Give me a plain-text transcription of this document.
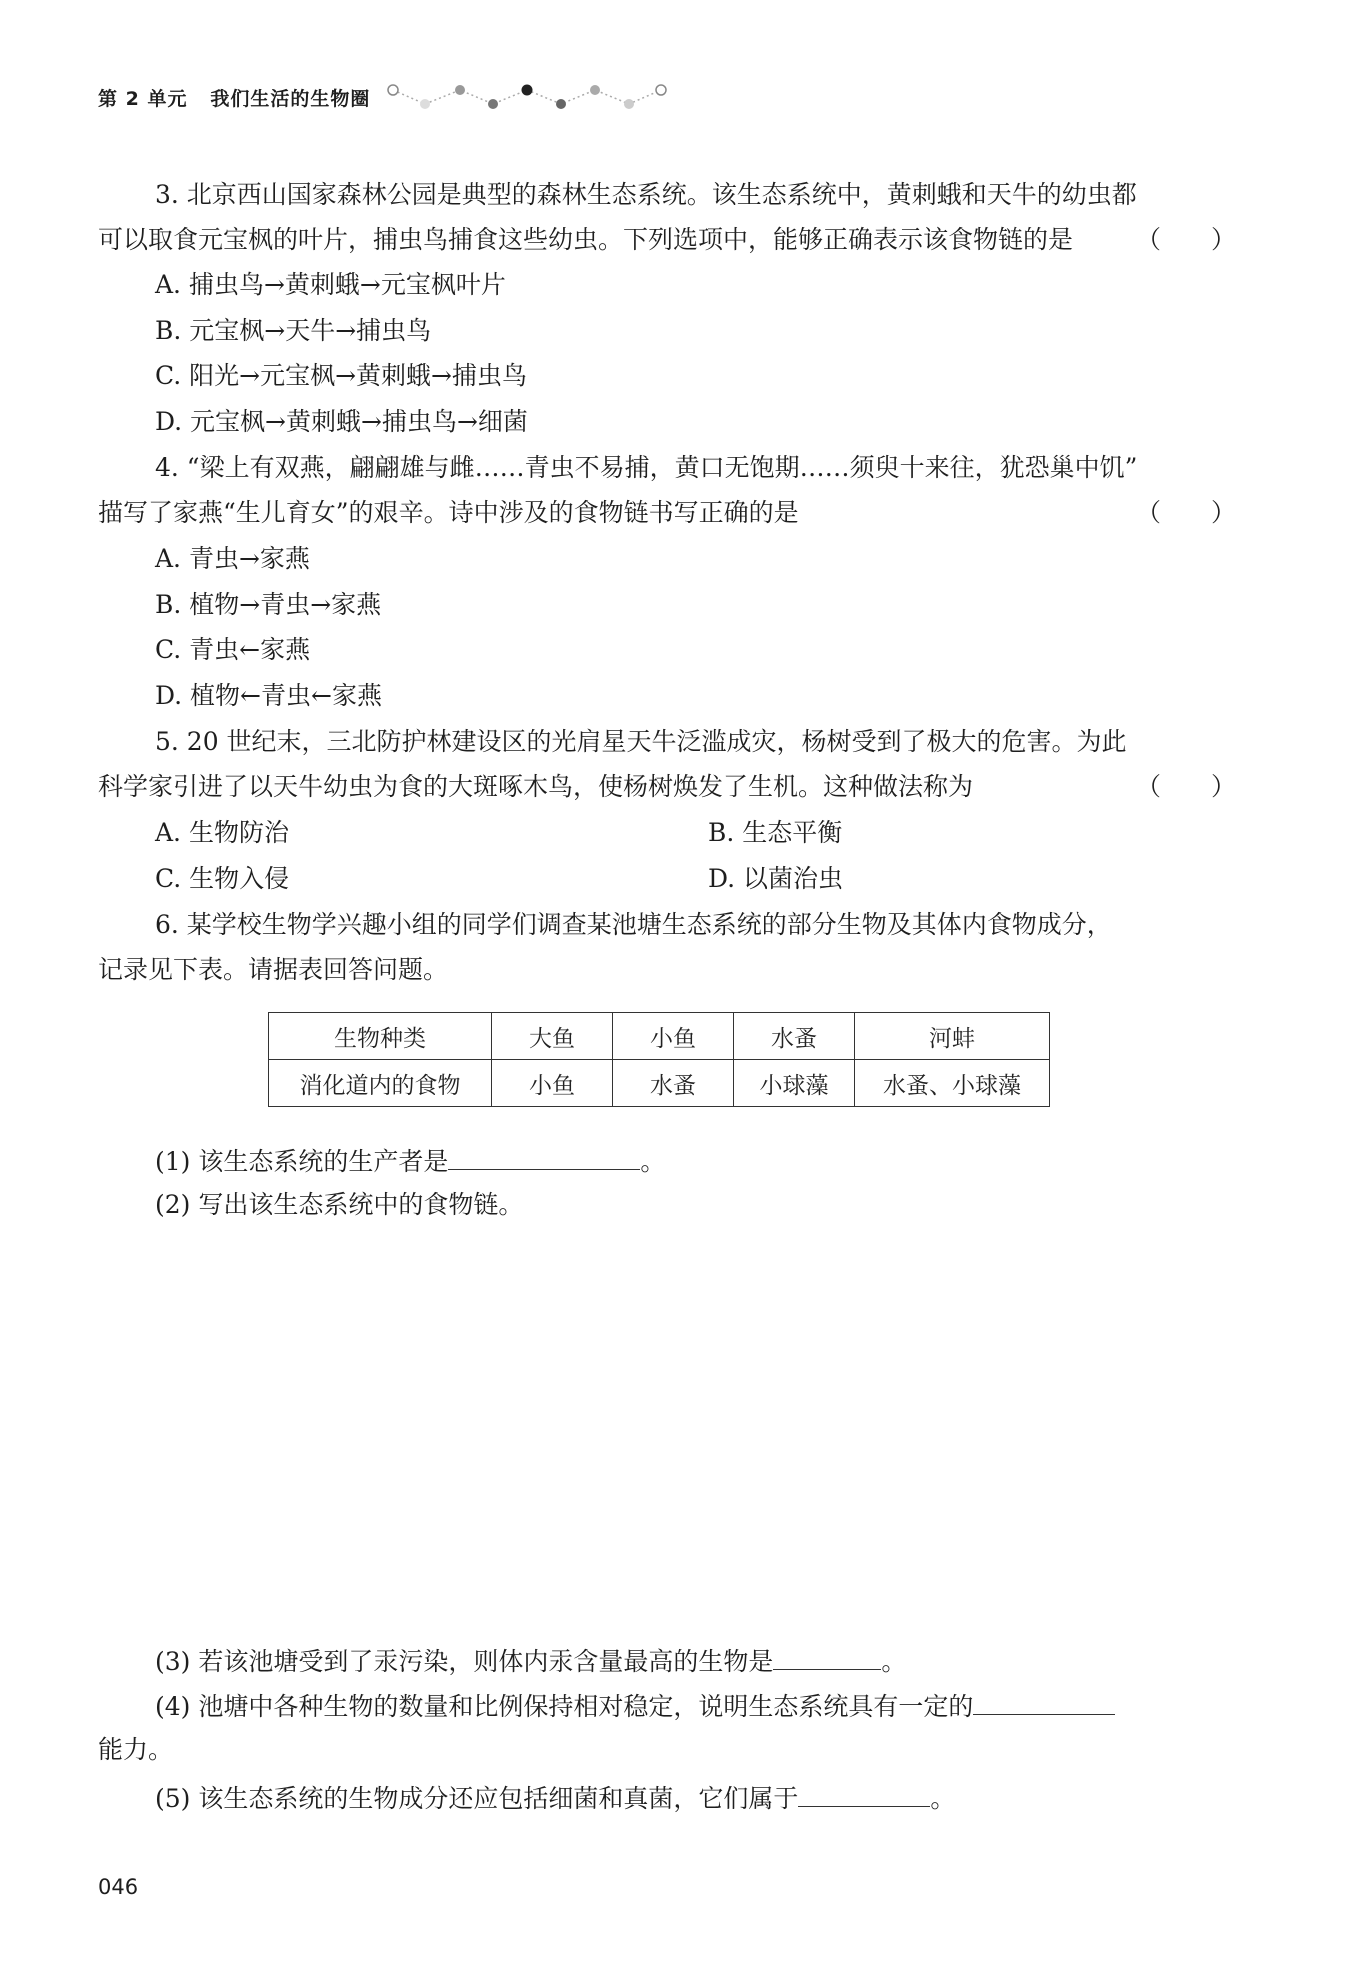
第 2 单元 我们生活的生物圈
3. 北京西山国家森林公园是典型的森林生态系统。该生态系统中，黄刺蛾和天牛的幼虫都
可以取食元宝枫的叶片，捕虫鸟捕食这些幼虫。下列选项中，能够正确表示该食物链的是	（　　）
A. 捕虫鸟→黄刺蛾→元宝枫叶片
B. 元宝枫→天牛→捕虫鸟
C. 阳光→元宝枫→黄刺蛾→捕虫鸟
D. 元宝枫→黄刺蛾→捕虫鸟→细菌
4. “梁上有双燕，翩翩雄与雌……青虫不易捕，黄口无饱期……须臾十来往，犹恐巢中饥”
描写了家燕“生儿育女”的艰辛。诗中涉及的食物链书写正确的是	（　　）
A. 青虫→家燕
B. 植物→青虫→家燕
C. 青虫←家燕
D. 植物←青虫←家燕
5. 20 世纪末，三北防护林建设区的光肩星天牛泛滥成灾，杨树受到了极大的危害。为此
科学家引进了以天牛幼虫为食的大斑啄木鸟，使杨树焕发了生机。这种做法称为	（　　）
A. 生物防治	B. 生态平衡
C. 生物入侵	D. 以菌治虫
6. 某学校生物学兴趣小组的同学们调查某池塘生态系统的部分生物及其体内食物成分，
记录见下表。请据表回答问题。
生物种类	大鱼	小鱼	水蚤	河蚌
消化道内的食物	小鱼	水蚤	小球藻	水蚤、小球藻
(1) 该生态系统的生产者是	。
(2) 写出该生态系统中的食物链。
(3) 若该池塘受到了汞污染，则体内汞含量最高的生物是	。
(4) 池塘中各种生物的数量和比例保持相对稳定，说明生态系统具有一定的
能力。
(5) 该生态系统的生物成分还应包括细菌和真菌，它们属于	。
046
